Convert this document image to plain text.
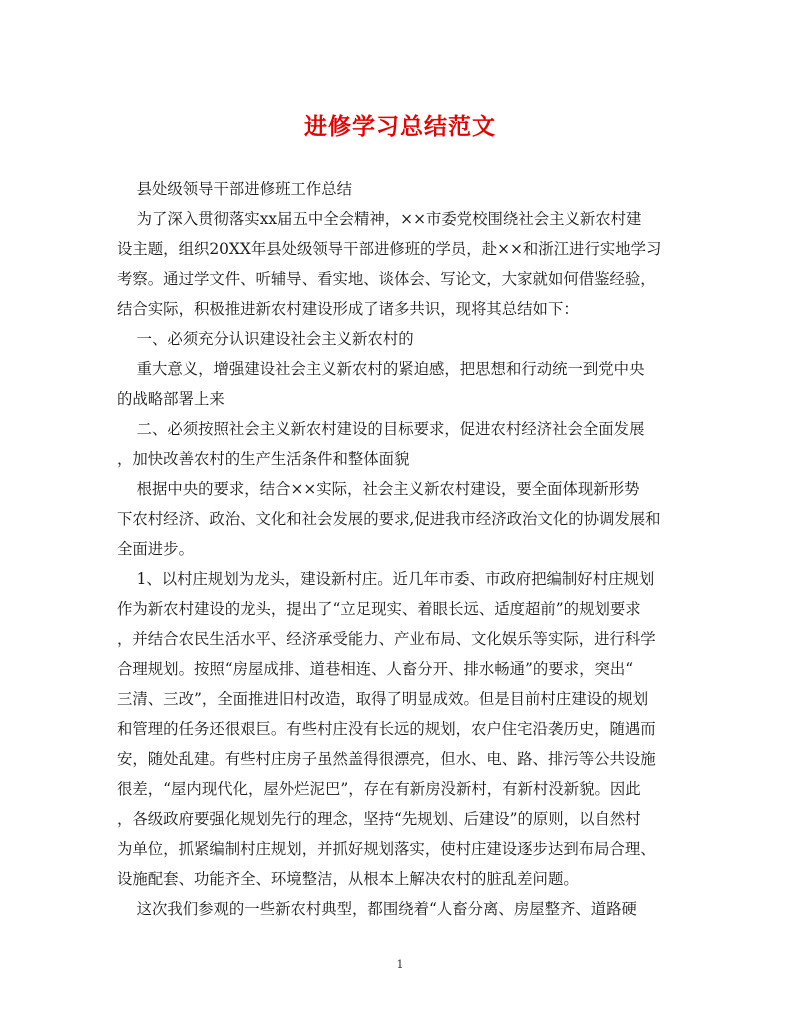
进修学习总结范文
县处级领导干部进修班工作总结
为了深入贯彻落实xx届五中全会精神，××市委党校围绕社会主义新农村建
设主题，组织20XX年县处级领导干部进修班的学员，赴××和浙江进行实地学习
考察。通过学文件、听辅导、看实地、谈体会、写论文，大家就如何借鉴经验，
结合实际，积极推进新农村建设形成了诸多共识，现将其总结如下：
一、必须充分认识建设社会主义新农村的
重大意义，增强建设社会主义新农村的紧迫感，把思想和行动统一到党中央
的战略部署上来
二、必须按照社会主义新农村建设的目标要求，促进农村经济社会全面发展
，加快改善农村的生产生活条件和整体面貌
根据中央的要求，结合××实际，社会主义新农村建设，要全面体现新形势
下农村经济、政治、文化和社会发展的要求,促进我市经济政治文化的协调发展和
全面进步。
1、以村庄规划为龙头，建设新村庄。近几年市委、市政府把编制好村庄规划
作为新农村建设的龙头，提出了“立足现实、着眼长远、适度超前”的规划要求
，并结合农民生活水平、经济承受能力、产业布局、文化娱乐等实际，进行科学
合理规划。按照“房屋成排、道巷相连、人畜分开、排水畅通”的要求，突出“
三清、三改”，全面推进旧村改造，取得了明显成效。但是目前村庄建设的规划
和管理的任务还很艰巨。有些村庄没有长远的规划，农户住宅沿袭历史，随遇而
安，随处乱建。有些村庄房子虽然盖得很漂亮，但水、电、路、排污等公共设施
很差，“屋内现代化，屋外烂泥巴”，存在有新房没新村，有新村没新貌。因此
，各级政府要强化规划先行的理念，坚持“先规划、后建设”的原则，以自然村
为单位，抓紧编制村庄规划，并抓好规划落实，使村庄建设逐步达到布局合理、
设施配套、功能齐全、环境整洁，从根本上解决农村的脏乱差问题。
这次我们参观的一些新农村典型，都围绕着“人畜分离、房屋整齐、道路硬
1
